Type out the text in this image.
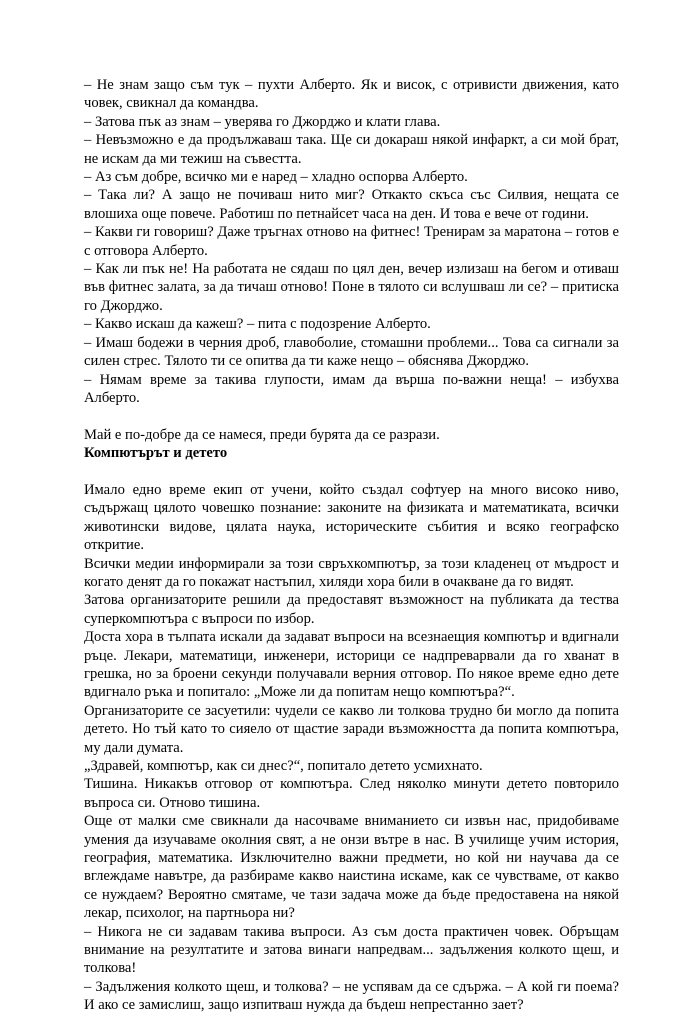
– Не знам защо съм тук – пухти Алберто. Як и висок, с отривисти движения, като човек, свикнал да командва.

– Затова пък аз знам – уверява го Джорджо и клати глава.

– Невъзможно е да продължаваш така. Ще си докараш някой инфаркт, а си мой брат, не искам да ми тежиш на съвестта.

– Аз съм добре, всичко ми е наред – хладно оспорва Алберто.

– Така ли? А защо не почиваш нито миг? Откакто скъса със Силвия, нещата се влошиха още повече. Работиш по петнайсет часа на ден. И това е вече от години.

– Какви ги говориш? Даже тръгнах отново на фитнес! Тренирам за маратона – готов е с отговора Алберто.

– Как ли пък не! На работата не сядаш по цял ден, вечер излизаш на бегом и отиваш във фитнес залата, за да тичаш отново! Поне в тялото си вслушваш ли се? – притиска го Джорджо.

– Какво искаш да кажеш? – пита с подозрение Алберто.

– Имаш бодежи в черния дроб, главоболие, стомашни проблеми... Това са сигнали за силен стрес. Тялото ти се опитва да ти каже нещо – обяснява Джорджо.

– Нямам време за такива глупости, имам да върша по-важни неща! – избухва Алберто.

Май е по-добре да се намеся, преди бурята да се разрази.

Компютърът и детето

Имало едно време екип от учени, който създал софтуер на много високо ниво, съдържащ цялото човешко познание: законите на физиката и математиката, всички животински видове, цялата наука, историческите събития и всяко географско откритие.

Всички медии информирали за този свръхкомпютър, за този кладенец от мъдрост и когато денят да го покажат настъпил, хиляди хора били в очакване да го видят.

Затова организаторите решили да предоставят възможност на публиката да тества суперкомпютъра с въпроси по избор.

Доста хора в тълпата искали да задават въпроси на всезнаещия компютър и вдигнали ръце. Лекари, математици, инженери, историци се надпреварвали да го хванат в грешка, но за броени секунди получавали верния отговор. По някое време едно дете вдигнало ръка и попитало: „Може ли да попитам нещо компютъра?“.

Организаторите се засуетили: чудели се какво ли толкова трудно би могло да попита детето. Но тъй като то сияело от щастие заради възможността да попита компютъра, му дали думата.

„Здравей, компютър, как си днес?“, попитало детето усмихнато.

Тишина. Никакъв отговор от компютъра. След няколко минути детето повторило въпроса си. Отново тишина.

Още от малки сме свикнали да насочваме вниманието си извън нас, придобиваме умения да изучаваме околния свят, а не онзи вътре в нас. В училище учим история, география, математика. Изключително важни предмети, но кой ни научава да се вглеждаме навътре, да разбираме какво наистина искаме, как се чувстваме, от какво се нуждаем? Вероятно смятаме, че тази задача може да бъде предоставена на някой лекар, психолог, на партньора ни?

– Никога не си задавам такива въпроси. Аз съм доста практичен човек. Обръщам внимание на резултатите и затова винаги напредвам... задължения колкото щеш, и толкова!

– Задължения колкото щеш, и толкова? – не успявам да се сдържа. – А кой ги поема? И ако се замислиш, защо изпитваш нужда да бъдеш непрестанно зает?
